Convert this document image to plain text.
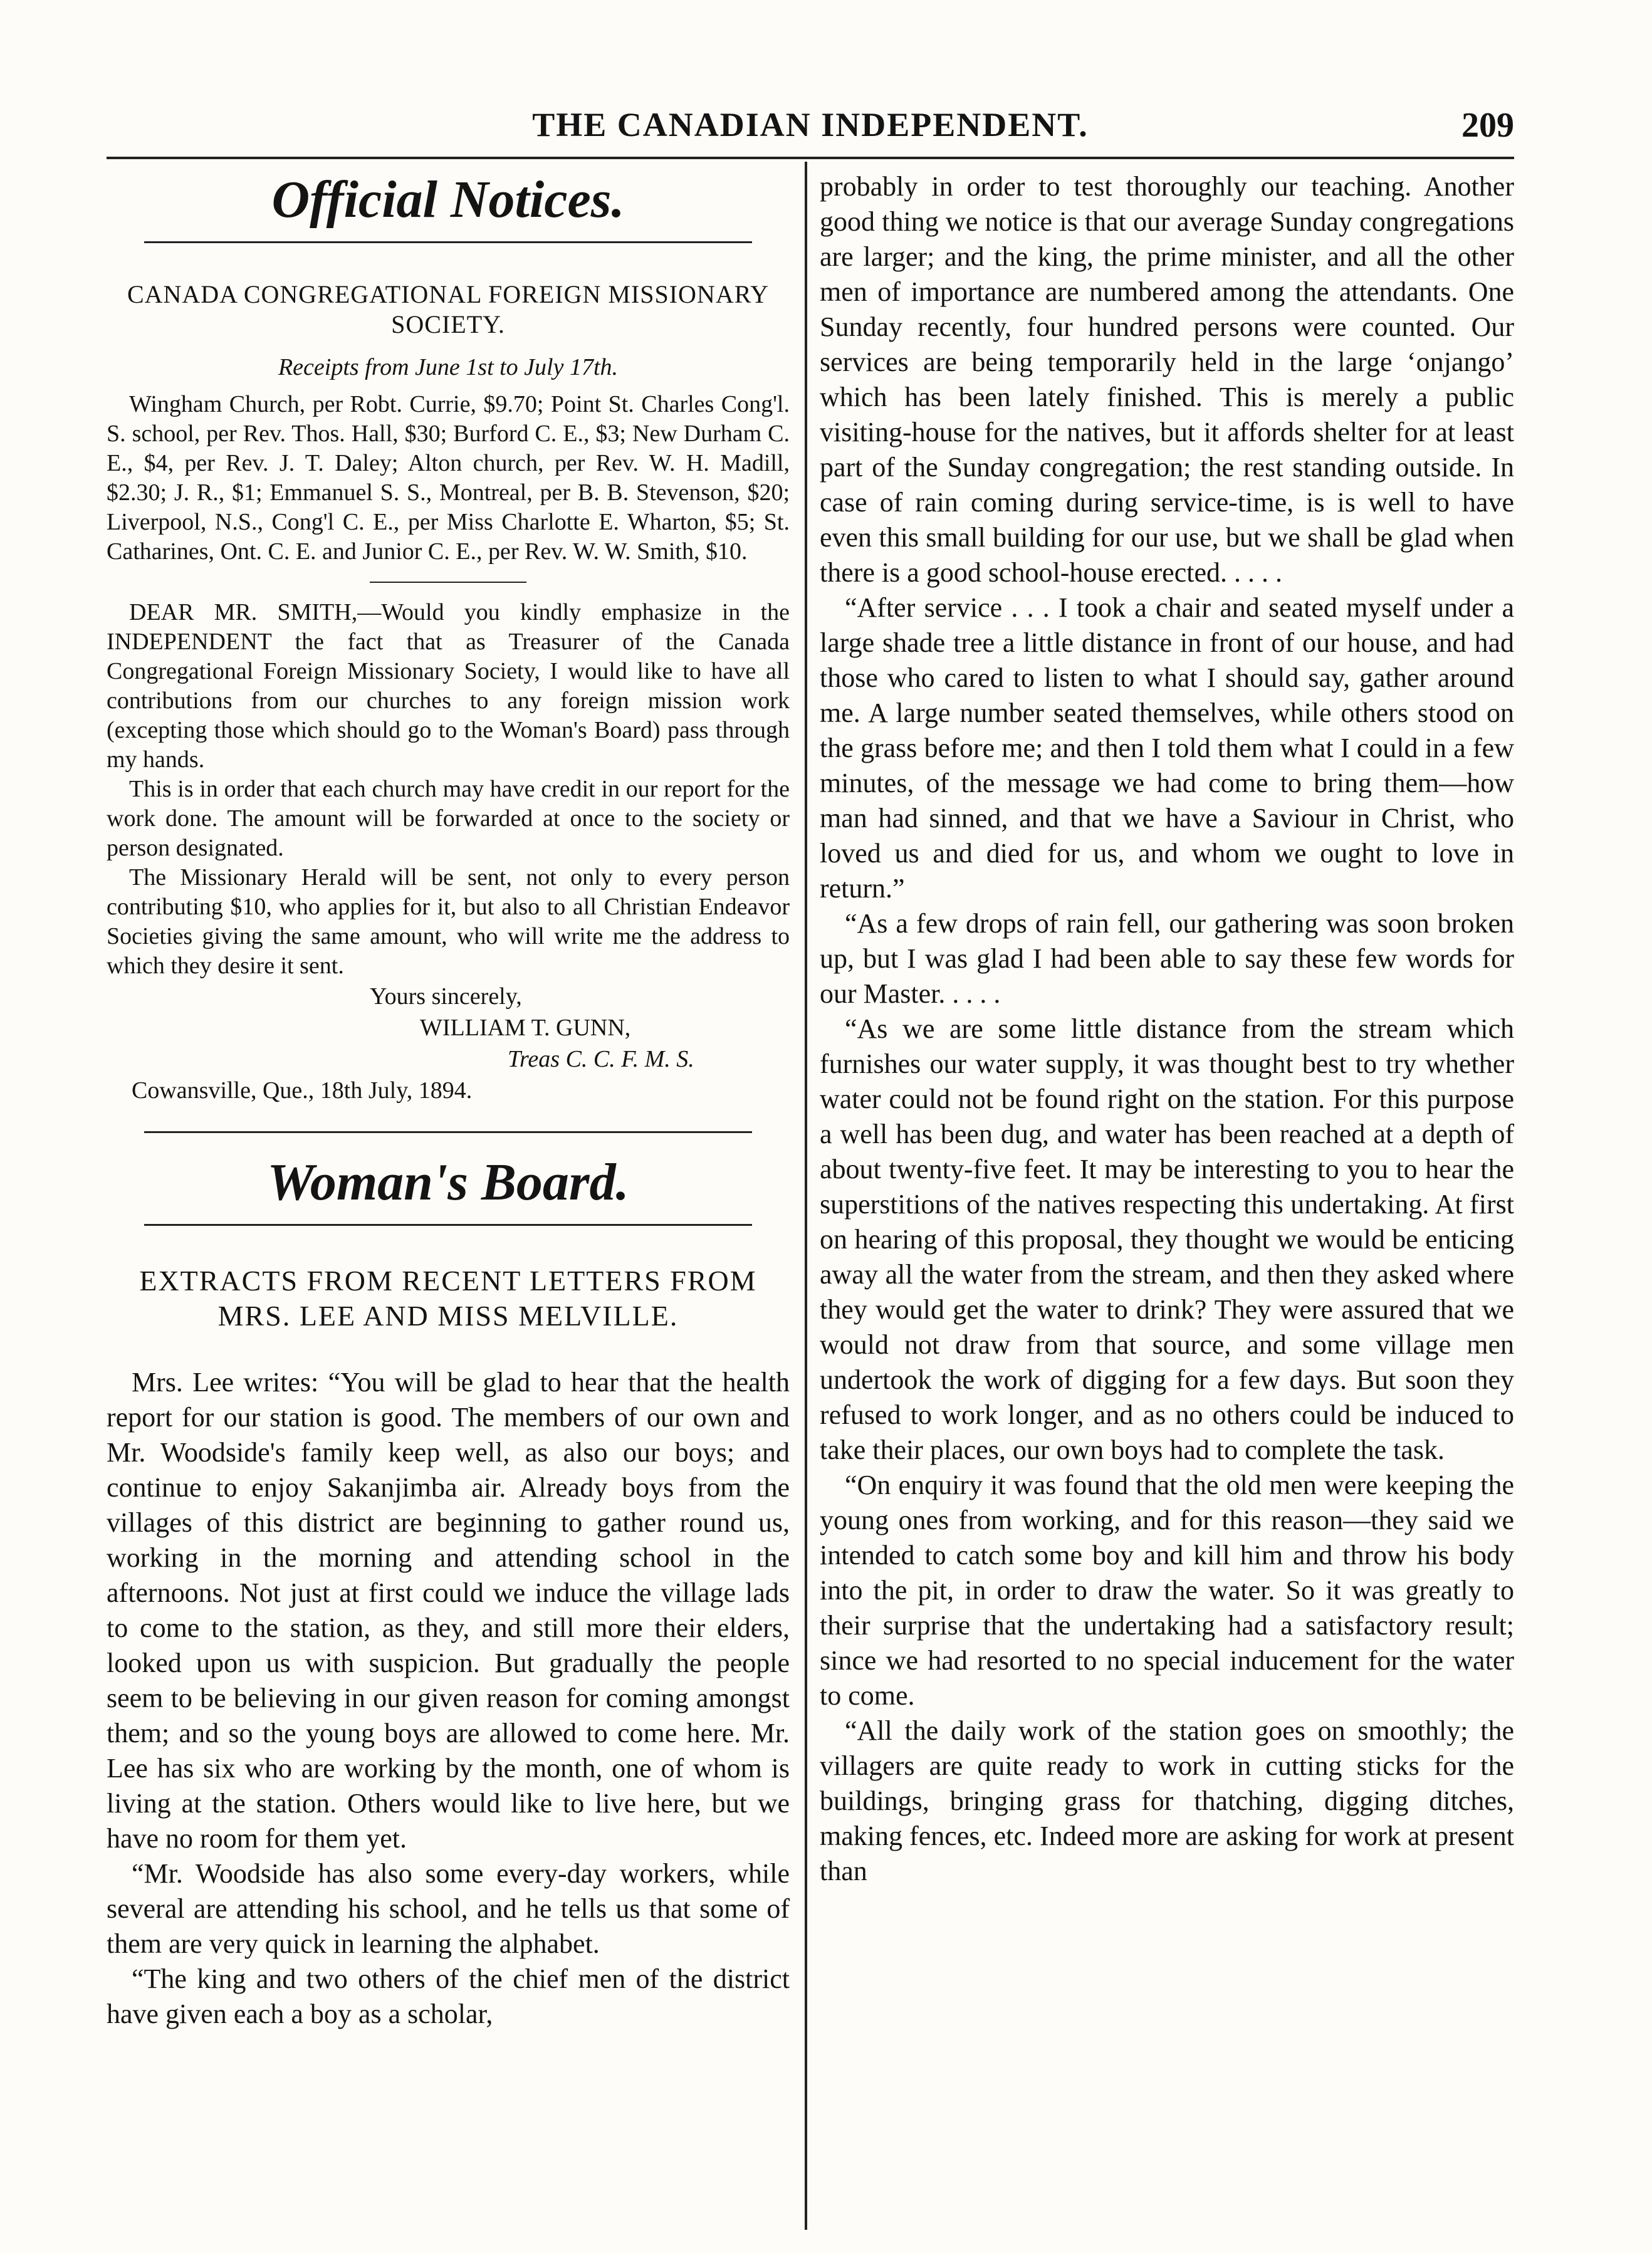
THE CANADIAN INDEPENDENT.	209
Official Notices.
CANADA CONGREGATIONAL FOREIGN MISSIONARY SOCIETY.
Receipts from June 1st to July 17th.

Wingham Church, per Robt. Currie, $9.70; Point St. Charles Cong'l. S. school, per Rev. Thos. Hall, $30; Burford C. E., $3; New Durham C. E., $4, per Rev. J. T. Daley; Alton church, per Rev. W. H. Madill, $2.30; J. R., $1; Emmanuel S. S., Montreal, per B. B. Stevenson, $20; Liverpool, N.S., Cong'l C. E., per Miss Charlotte E. Wharton, $5; St. Catharines, Ont. C. E. and Junior C. E., per Rev. W. W. Smith, $10.

DEAR MR. SMITH,—Would you kindly emphasize in the INDEPENDENT the fact that as Treasurer of the Canada Congregational Foreign Missionary Society, I would like to have all contributions from our churches to any foreign mission work (excepting those which should go to the Woman's Board) pass through my hands.

This is in order that each church may have credit in our report for the work done. The amount will be forwarded at once to the society or person designated.

The Missionary Herald will be sent, not only to every person contributing $10, who applies for it, but also to all Christian Endeavor Societies giving the same amount, who will write me the address to which they desire it sent.

Yours sincerely,
WILLIAM T. GUNN,
Treas C. C. F. M. S.
Cowansville, Que., 18th July, 1894.
Woman's Board.
EXTRACTS FROM RECENT LETTERS FROM MRS. LEE AND MISS MELVILLE.

Mrs. Lee writes: “You will be glad to hear that the health report for our station is good. The members of our own and Mr. Woodside's family keep well, as also our boys; and continue to enjoy Sakanjimba air. Already boys from the villages of this district are beginning to gather round us, working in the morning and attending school in the afternoons. Not just at first could we induce the village lads to come to the station, as they, and still more their elders, looked upon us with suspicion. But gradually the people seem to be believing in our given reason for coming amongst them; and so the young boys are allowed to come here. Mr. Lee has six who are working by the month, one of whom is living at the station. Others would like to live here, but we have no room for them yet.

“Mr. Woodside has also some every-day workers, while several are attending his school, and he tells us that some of them are very quick in learning the alphabet.

“The king and two others of the chief men of the district have given each a boy as a scholar,

probably in order to test thoroughly our teaching. Another good thing we notice is that our average Sunday congregations are larger; and the king, the prime minister, and all the other men of importance are numbered among the attendants. One Sunday recently, four hundred persons were counted. Our services are being temporarily held in the large ‘onjango’ which has been lately finished. This is merely a public visiting-house for the natives, but it affords shelter for at least part of the Sunday congregation; the rest standing outside. In case of rain coming during service-time, is is well to have even this small building for our use, but we shall be glad when there is a good school-house erected. . . . .

“After service . . . I took a chair and seated myself under a large shade tree a little distance in front of our house, and had those who cared to listen to what I should say, gather around me. A large number seated themselves, while others stood on the grass before me; and then I told them what I could in a few minutes, of the message we had come to bring them—how man had sinned, and that we have a Saviour in Christ, who loved us and died for us, and whom we ought to love in return.”

“As a few drops of rain fell, our gathering was soon broken up, but I was glad I had been able to say these few words for our Master. . . . .

“As we are some little distance from the stream which furnishes our water supply, it was thought best to try whether water could not be found right on the station. For this purpose a well has been dug, and water has been reached at a depth of about twenty-five feet. It may be interesting to you to hear the superstitions of the natives respecting this undertaking. At first on hearing of this proposal, they thought we would be enticing away all the water from the stream, and then they asked where they would get the water to drink? They were assured that we would not draw from that source, and some village men undertook the work of digging for a few days. But soon they refused to work longer, and as no others could be induced to take their places, our own boys had to complete the task.

“On enquiry it was found that the old men were keeping the young ones from working, and for this reason—they said we intended to catch some boy and kill him and throw his body into the pit, in order to draw the water. So it was greatly to their surprise that the undertaking had a satisfactory result; since we had resorted to no special inducement for the water to come.

“All the daily work of the station goes on smoothly; the villagers are quite ready to work in cutting sticks for the buildings, bringing grass for thatching, digging ditches, making fences, etc. Indeed more are asking for work at present than
